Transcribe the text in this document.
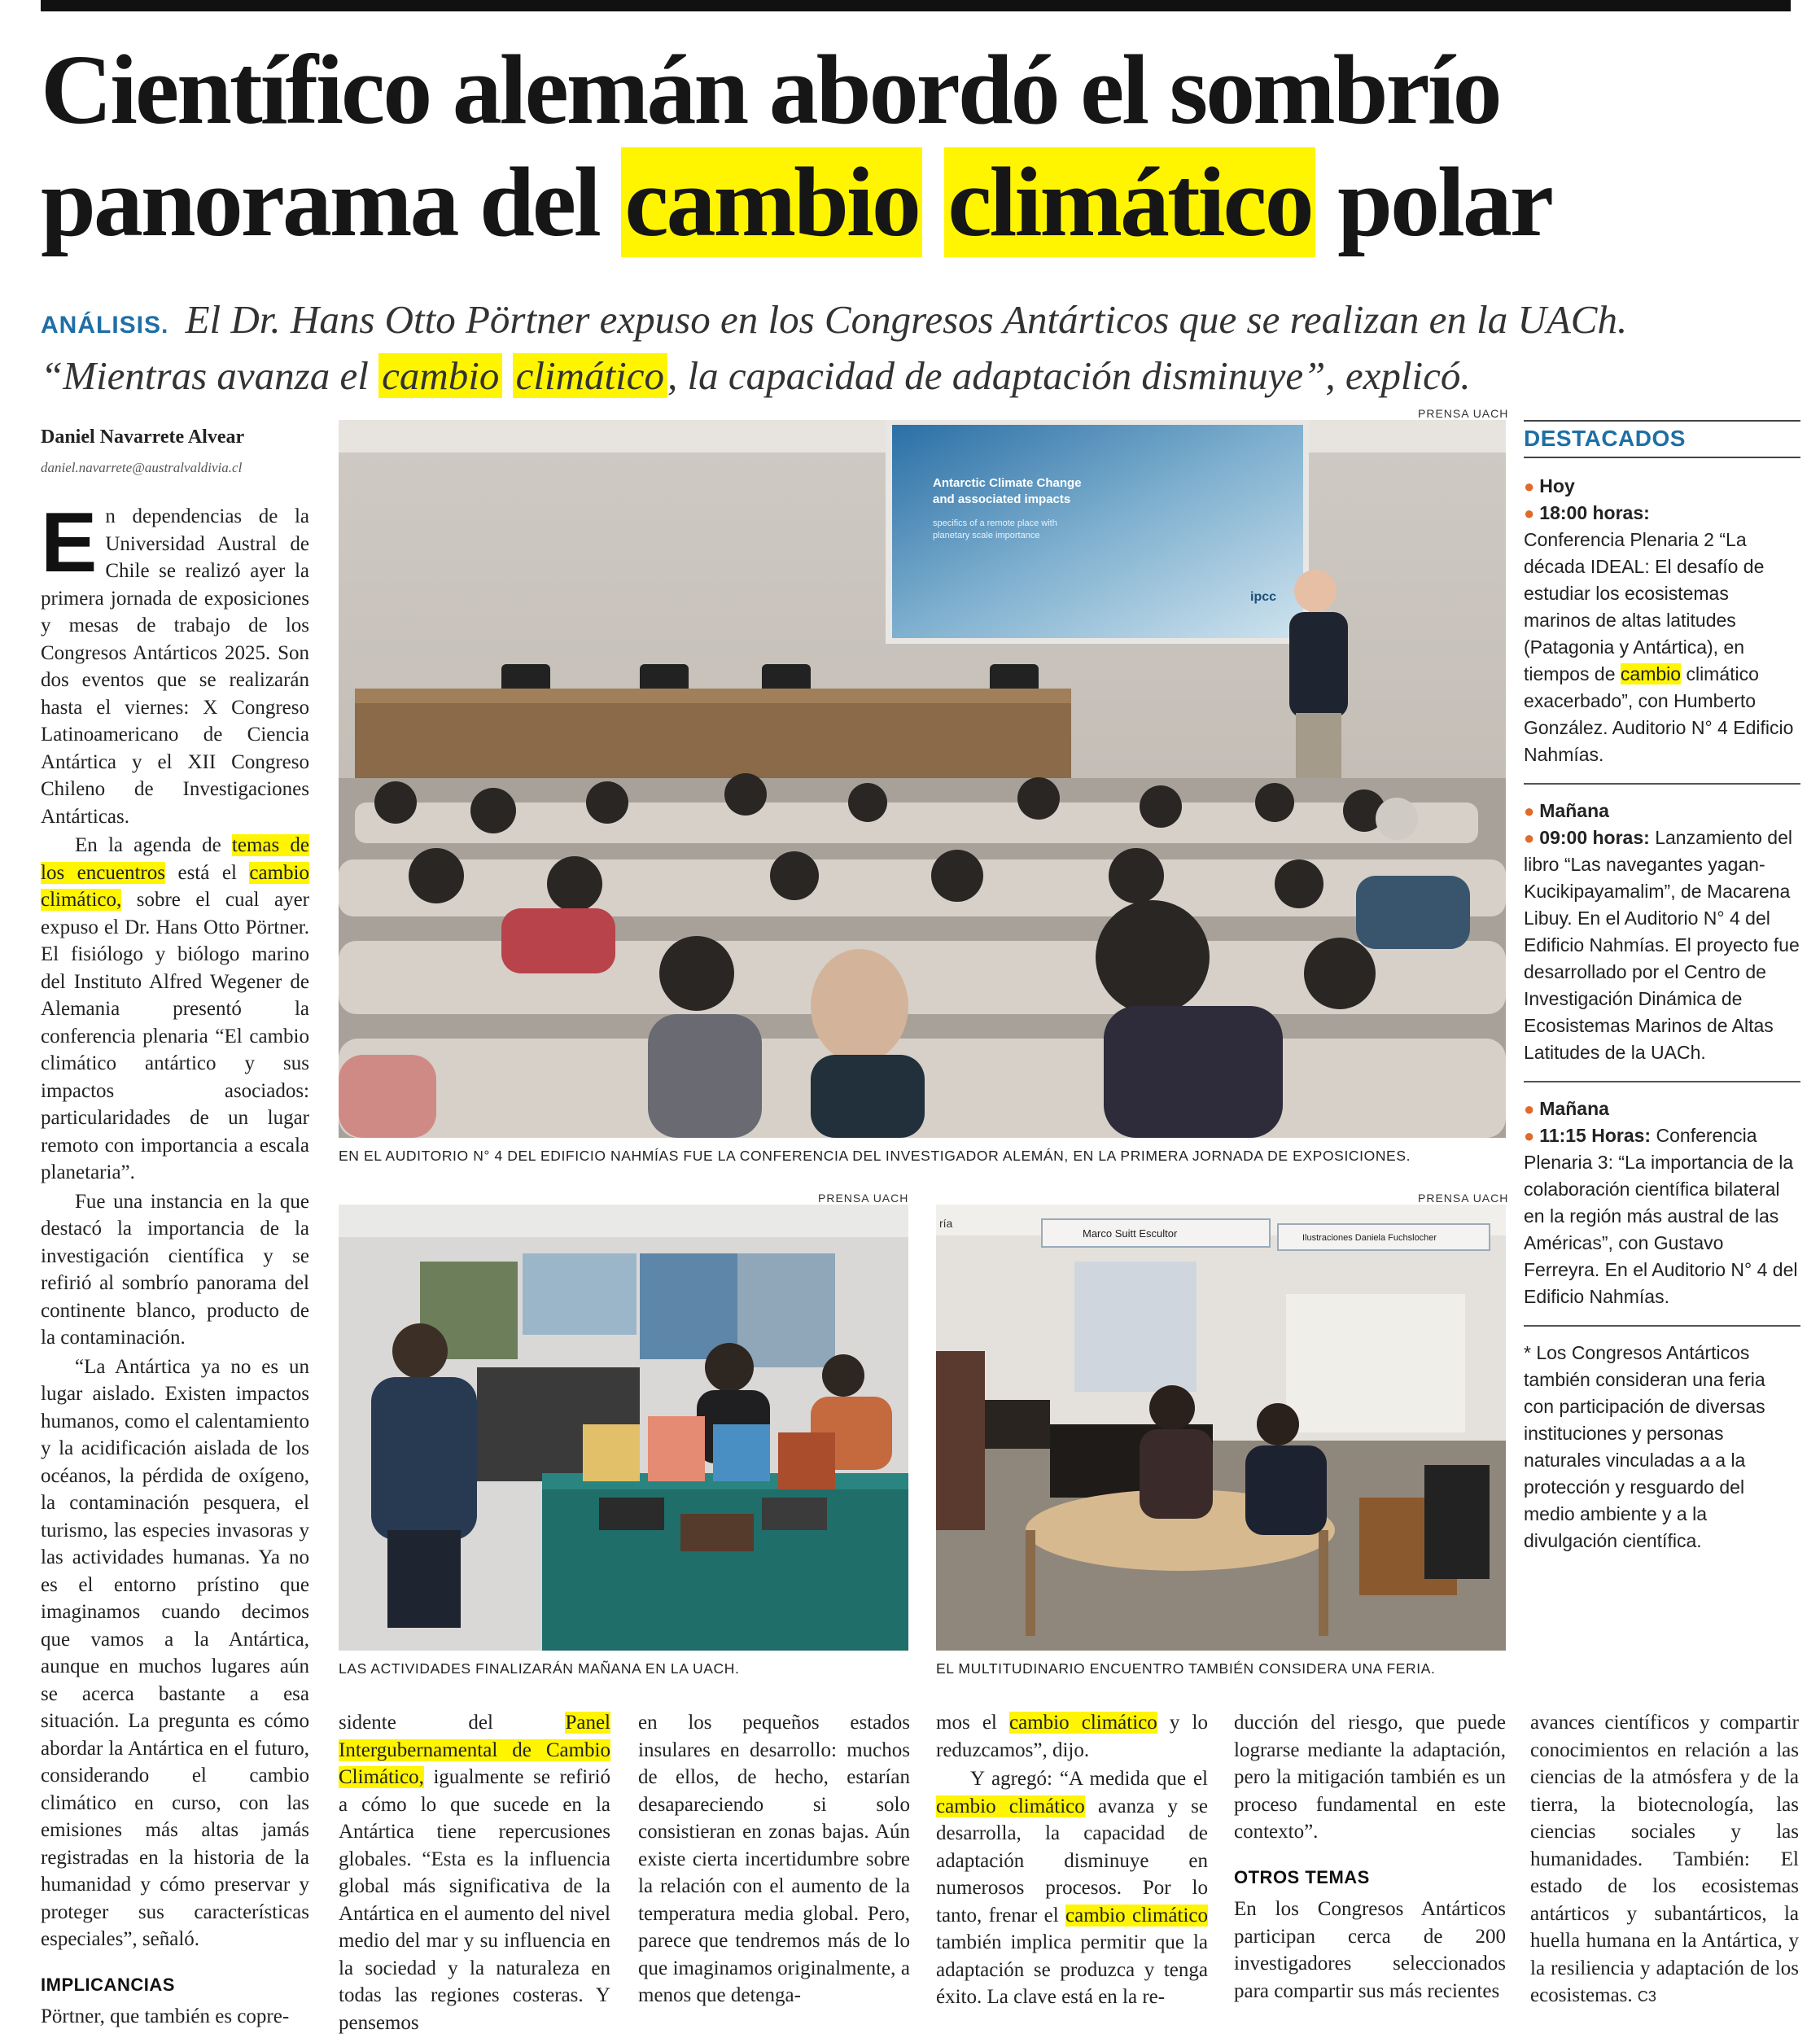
Científico alemán abordó el sombrío
panorama del cambio climático polar
ANÁLISIS. El Dr. Hans Otto Pörtner expuso en los Congresos Antárticos que se realizan en la UACh.
“Mientras avanza el cambio climático, la capacidad de adaptación disminuye”, explicó.
Daniel Navarrete Alvear
daniel.navarrete@australvaldivia.cl

En dependencias de la Universidad Austral de Chile se realizó ayer la primera jornada de exposiciones y mesas de trabajo de los Congresos Antárticos 2025. Son dos eventos que se realizarán hasta el viernes: X Congreso Latinoamericano de Ciencia Antártica y el XII Congreso Chileno de Investigaciones Antárticas.

En la agenda de temas de los encuentros está el cambio climático, sobre el cual ayer expuso el Dr. Hans Otto Pörtner. El fisiólogo y biólogo marino del Instituto Alfred Wegener de Alemania presentó la conferencia plenaria “El cambio climático antártico y sus impactos asociados: particularidades de un lugar remoto con importancia a escala planetaria”.

Fue una instancia en la que destacó la importancia de la investigación científica y se refirió al sombrío panorama del continente blanco, producto de la contaminación.

“La Antártica ya no es un lugar aislado. Existen impactos humanos, como el calentamiento y la acidificación aislada de los océanos, la pérdida de oxígeno, la contaminación pesquera, el turismo, las especies invasoras y las actividades humanas. Ya no es el entorno prístino que imaginamos cuando decimos que vamos a la Antártica, aunque en muchos lugares aún se acerca bastante a esa situación. La pregunta es cómo abordar la Antártica en el futuro, considerando el cambio climático en curso, con las emisiones más altas jamás registradas en la historia de la humanidad y cómo preservar y proteger sus características especiales”, señaló.

IMPLICANCIAS

Pörtner, que también es copre-

PRENSA UACH
Antarctic Climate Change
and associated impacts
specifics of a remote place with
planetary scale importance
ipcc
EN EL AUDITORIO N° 4 DEL EDIFICIO NAHMÍAS FUE LA CONFERENCIA DEL INVESTIGADOR ALEMÁN, EN LA PRIMERA JORNADA DE EXPOSICIONES.
PRENSA UACH
LAS ACTIVIDADES FINALIZARÁN MAÑANA EN LA UACH.
PRENSA UACH
ría
Marco Suitt Escultor	Ilustraciones Daniela Fuchslocher
EL MULTITUDINARIO ENCUENTRO TAMBIÉN CONSIDERA UNA FERIA.

sidente del Panel Intergubernamental de Cambio Climático, igualmente se refirió a cómo lo que sucede en la Antártica tiene repercusiones globales. “Esta es la influencia global más significativa de la Antártica en el aumento del nivel medio del mar y su influencia en la sociedad y la naturaleza en todas las regiones costeras. Y pensemos

en los pequeños estados insulares en desarrollo: muchos de ellos, de hecho, estarían desapareciendo si solo consistieran en zonas bajas. Aún existe cierta incertidumbre sobre la relación con el aumento de la temperatura media global. Pero, parece que tendremos más de lo que imaginamos originalmente, a menos que detenga-

mos el cambio climático y lo reduzcamos”, dijo.

Y agregó: “A medida que el cambio climático avanza y se desarrolla, la capacidad de adaptación disminuye en numerosos procesos. Por lo tanto, frenar el cambio climático también implica permitir que la adaptación se produzca y tenga éxito. La clave está en la re-

ducción del riesgo, que puede lograrse mediante la adaptación, pero la mitigación también es un proceso fundamental en este contexto”.

OTROS TEMAS

En los Congresos Antárticos participan cerca de 200 investigadores seleccionados para compartir sus más recientes

avances científicos y compartir conocimientos en relación a las ciencias de la atmósfera y de la tierra, la biotecnología, las ciencias sociales y las humanidades. También: El estado de los ecosistemas antárticos y subantárticos, la huella humana en la Antártica, y la resiliencia y adaptación de los ecosistemas. C3

DESTACADOS
● Hoy
● 18:00 horas:
Conferencia Plenaria 2 “La década IDEAL: El desafío de estudiar los ecosistemas marinos de altas latitudes (Patagonia y Antártica), en tiempos de cambio climático exacerbado”, con Humberto González. Auditorio N° 4 Edificio Nahmías.
● Mañana
● 09:00 horas: Lanzamiento del libro “Las navegantes yagan- Kucikipayamalim”, de Macarena Libuy. En el Auditorio N° 4 del Edificio Nahmías. El proyecto fue desarrollado por el Centro de Investigación Dinámica de Ecosistemas Marinos de Altas Latitudes de la UACh.
● Mañana
● 11:15 Horas: Conferencia Plenaria 3: “La importancia de la colaboración científica bilateral en la región más austral de las Américas”, con Gustavo Ferreyra. En el Auditorio N° 4 del Edificio Nahmías.
* Los Congresos Antárticos también consideran una feria con participación de diversas instituciones y personas naturales vinculadas a a la protección y resguardo del medio ambiente y a la divulgación científica.
